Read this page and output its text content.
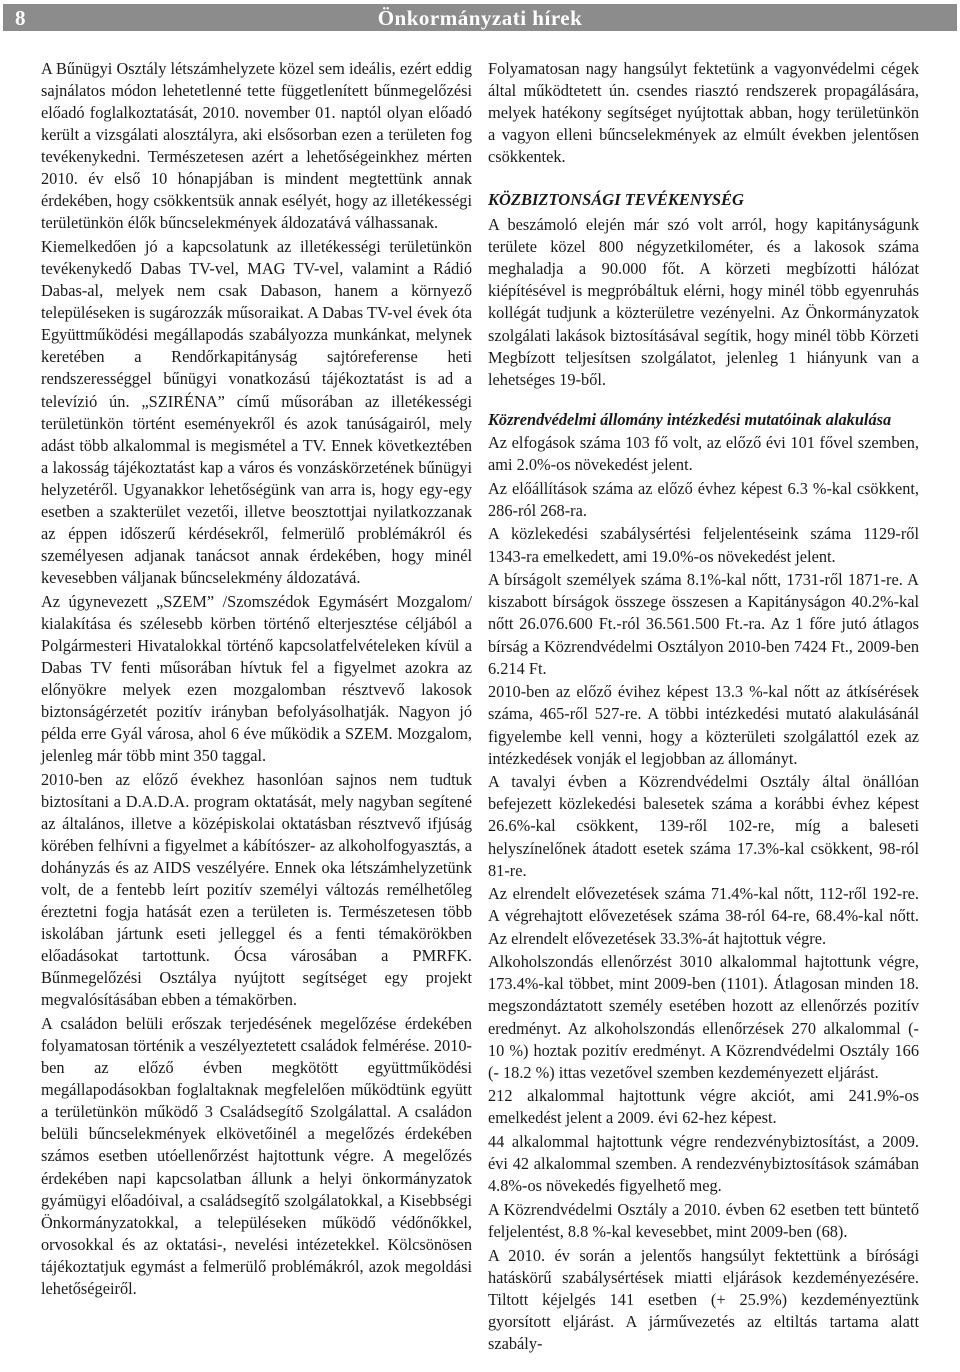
8	Önkormányzati hírek

A Bűnügyi Osztály létszámhelyzete közel sem ideális, ezért eddig sajnálatos módon lehetetlenné tette függetlenített bűnmegelőzési előadó foglalkoztatását, 2010. november 01. naptól olyan előadó került a vizsgálati alosztályra, aki elsősorban ezen a területen fog tevékenykedni. Természetesen azért a lehetőségeinkhez mérten 2010. év első 10 hónapjában is mindent megtettünk annak érdekében, hogy csökkentsük annak esélyét, hogy az illetékességi területünkön élők bűncselekmények áldozatává válhassanak.

Kiemelkedően jó a kapcsolatunk az illetékességi területünkön tevékenykedő Dabas TV-vel, MAG TV-vel, valamint a Rádió Dabas-al, melyek nem csak Dabason, hanem a környező településeken is sugározzák műsoraikat. A Dabas TV-vel évek óta Együttműködési megállapodás szabályozza munkánkat, melynek keretében a Rendőrkapitányság sajtóreferense heti rendszerességgel bűnügyi vonatkozású tájékoztatást is ad a televízió ún. „SZIRÉNA” című műsorában az illetékességi területünkön történt eseményekről és azok tanúságairól, mely adást több alkalommal is megismétel a TV. Ennek következtében a lakosság tájékoztatást kap a város és vonzáskörzetének bűnügyi helyzetéről. Ugyanakkor lehetőségünk van arra is, hogy egy-egy esetben a szakterület vezetői, illetve beosztottjai nyilatkozzanak az éppen időszerű kérdésekről, felmerülő problémákról és személyesen adjanak tanácsot annak érdekében, hogy minél kevesebben váljanak bűncselekmény áldozatává.

Az úgynevezett „SZEM” /Szomszédok Egymásért Mozgalom/ kialakítása és szélesebb körben történő elterjesztése céljából a Polgármesteri Hivatalokkal történő kapcsolatfelvételeken kívül a Dabas TV fenti műsorában hívtuk fel a figyelmet azokra az előnyökre melyek ezen mozgalomban résztvevő lakosok biztonságérzetét pozitív irányban befolyásolhatják. Nagyon jó példa erre Gyál városa, ahol 6 éve működik a SZEM. Mozgalom, jelenleg már több mint 350 taggal.

2010-ben az előző évekhez hasonlóan sajnos nem tudtuk biztosítani a D.A.D.A. program oktatását, mely nagyban segítené az általános, illetve a középiskolai oktatásban résztvevő ifjúság körében felhívni a figyelmet a kábítószer- az alkoholfogyasztás, a dohányzás és az AIDS veszélyére. Ennek oka létszámhelyzetünk volt, de a fentebb leírt pozitív személyi változás remélhetőleg éreztetni fogja hatását ezen a területen is. Természetesen több iskolában jártunk eseti jelleggel és a fenti témakörökben előadásokat tartottunk. Ócsa városában a PMRFK. Bűnmegelőzési Osztálya nyújtott segítséget egy projekt megvalósításában ebben a témakörben.

A családon belüli erőszak terjedésének megelőzése érdekében folyamatosan történik a veszélyeztetett családok felmérése. 2010-ben az előző évben megkötött együttműködési megállapodásokban foglaltaknak megfelelően működtünk együtt a területünkön működő 3 Családsegítő Szolgálattal. A családon belüli bűncselekmények elkövetőinél a megelőzés érdekében számos esetben utóellenőrzést hajtottunk végre. A megelőzés érdekében napi kapcsolatban állunk a helyi önkormányzatok gyámügyi előadóival, a családsegítő szolgálatokkal, a Kisebbségi Önkormányzatokkal, a településeken működő védőnőkkel, orvosokkal és az oktatási-, nevelési intézetekkel. Kölcsönösen tájékoztatjuk egymást a felmerülő problémákról, azok megoldási lehetőségeiről.

Folyamatosan nagy hangsúlyt fektetünk a vagyonvédelmi cégek által működtetett ún. csendes riasztó rendszerek propagálására, melyek hatékony segítséget nyújtottak abban, hogy területünkön a vagyon elleni bűncselekmények az elmúlt években jelentősen csökkentek.

KÖZBIZTONSÁGI TEVÉKENYSÉG

A beszámoló elején már szó volt arról, hogy kapitányságunk területe közel 800 négyzetkilométer, és a lakosok száma meghaladja a 90.000 főt. A körzeti megbízotti hálózat kiépítésével is megpróbáltuk elérni, hogy minél több egyenruhás kollégát tudjunk a közterületre vezényelni. Az Önkormányzatok szolgálati lakások biztosításával segítik, hogy minél több Körzeti Megbízott teljesítsen szolgálatot, jelenleg 1 hiányunk van a lehetséges 19-ből.

Közrendvédelmi állomány intézkedési mutatóinak alakulása

Az elfogások száma 103 fő volt, az előző évi 101 fővel szemben, ami 2.0%-os növekedést jelent.

Az előállítások száma az előző évhez képest 6.3 %-kal csökkent, 286-ról 268-ra.

A közlekedési szabálysértési feljelentéseink száma 1129-ről 1343-ra emelkedett, ami 19.0%-os növekedést jelent.

A bírságolt személyek száma 8.1%-kal nőtt, 1731-ről 1871-re. A kiszabott bírságok összege összesen a Kapitányságon 40.2%-kal nőtt 26.076.600 Ft.-ról 36.561.500 Ft.-ra. Az 1 főre jutó átlagos bírság a Közrendvédelmi Osztályon 2010-ben 7424 Ft., 2009-ben 6.214 Ft.

2010-ben az előző évihez képest 13.3 %-kal nőtt az átkísérések száma, 465-ről 527-re. A többi intézkedési mutató alakulásánál figyelembe kell venni, hogy a közterületi szolgálattól ezek az intézkedések vonják el legjobban az állományt.

A tavalyi évben a Közrendvédelmi Osztály által önállóan befejezett közlekedési balesetek száma a korábbi évhez képest 26.6%-kal csökkent, 139-ről 102-re, míg a baleseti helyszínelőnek átadott esetek száma 17.3%-kal csökkent, 98-ról 81-re.

Az elrendelt elővezetések száma 71.4%-kal nőtt, 112-ről 192-re. A végrehajtott elővezetések száma 38-ról 64-re, 68.4%-kal nőtt. Az elrendelt elővezetések 33.3%-át hajtottuk végre.

Alkoholszondás ellenőrzést 3010 alkalommal hajtottunk végre, 173.4%-kal többet, mint 2009-ben (1101). Átlagosan minden 18. megszondáztatott személy esetében hozott az ellenőrzés pozitív eredményt. Az alkoholszondás ellenőrzések 270 alkalommal (- 10 %) hoztak pozitív eredményt. A Közrendvédelmi Osztály 166 (- 18.2 %) ittas vezetővel szemben kezdeményezett eljárást.

212 alkalommal hajtottunk végre akciót, ami 241.9%-os emelkedést jelent a 2009. évi 62-hez képest.

44 alkalommal hajtottunk végre rendezvénybiztosítást, a 2009. évi 42 alkalommal szemben. A rendezvénybiztosítások számában 4.8%-os növekedés figyelhető meg.

A Közrendvédelmi Osztály a 2010. évben 62 esetben tett büntető feljelentést, 8.8 %-kal kevesebbet, mint 2009-ben (68).

A 2010. év során a jelentős hangsúlyt fektettünk a bírósági hatáskörű szabálysértések miatti eljárások kezdeményezésére. Tiltott kéjelgés 141 esetben (+ 25.9%) kezdeményeztünk gyorsított eljárást. A járművezetés az eltiltás tartama alatt szabály-
